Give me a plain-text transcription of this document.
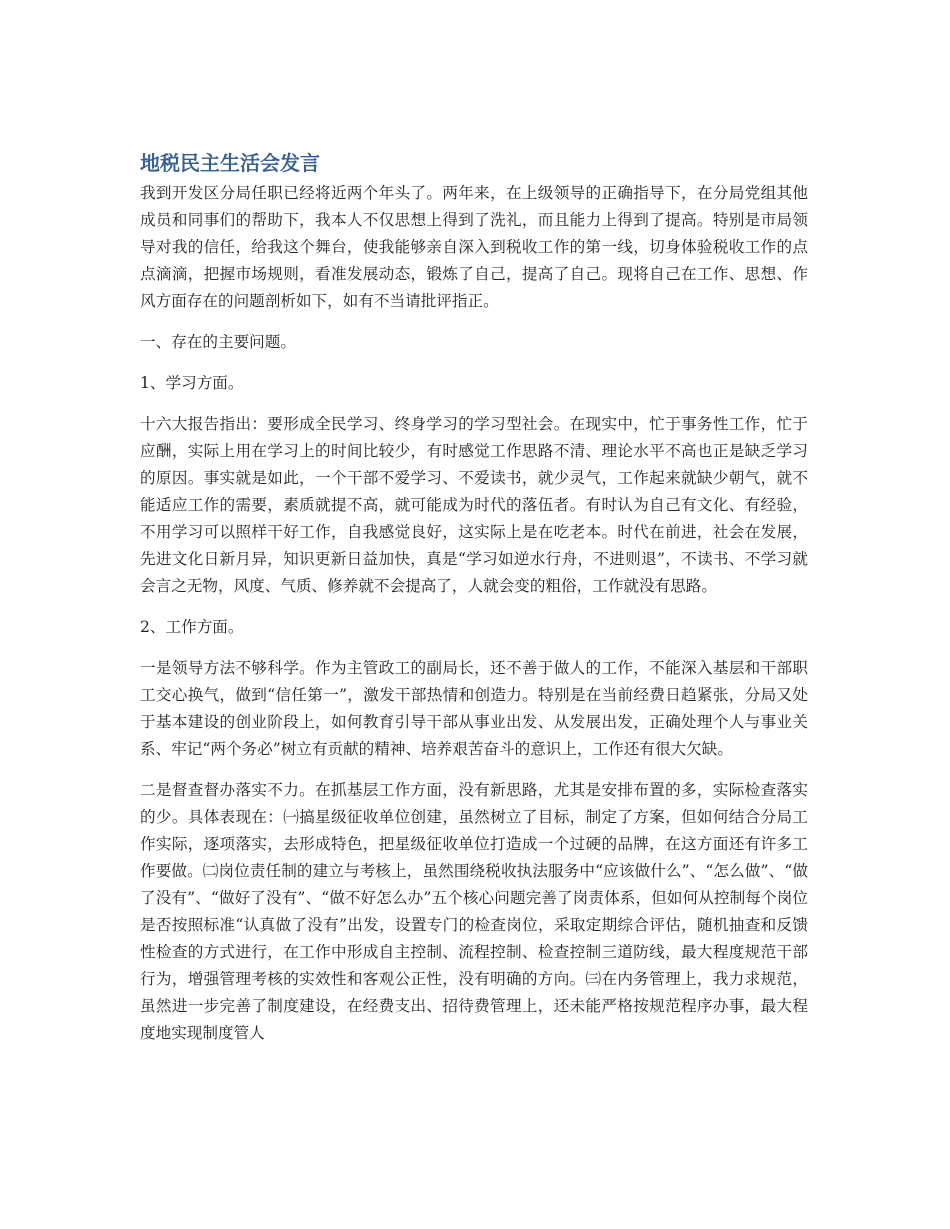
地税民主生活会发言

我到开发区分局任职已经将近两个年头了。两年来，在上级领导的正确指导下，在分局党组其他成员和同事们的帮助下，我本人不仅思想上得到了洗礼，而且能力上得到了提高。特别是市局领导对我的信任，给我这个舞台，使我能够亲自深入到税收工作的第一线，切身体验税收工作的点点滴滴，把握市场规则，看准发展动态，锻炼了自己，提高了自己。现将自己在工作、思想、作风方面存在的问题剖析如下，如有不当请批评指正。

一、存在的主要问题。

1、学习方面。

十六大报告指出：要形成全民学习、终身学习的学习型社会。在现实中，忙于事务性工作，忙于应酬，实际上用在学习上的时间比较少，有时感觉工作思路不清、理论水平不高也正是缺乏学习的原因。事实就是如此，一个干部不爱学习、不爱读书，就少灵气，工作起来就缺少朝气，就不能适应工作的需要，素质就提不高，就可能成为时代的落伍者。有时认为自己有文化、有经验，不用学习可以照样干好工作，自我感觉良好，这实际上是在吃老本。时代在前进，社会在发展，先进文化日新月异，知识更新日益加快，真是“学习如逆水行舟，不进则退”，不读书、不学习就会言之无物，风度、气质、修养就不会提高了，人就会变的粗俗，工作就没有思路。

2、工作方面。

一是领导方法不够科学。作为主管政工的副局长，还不善于做人的工作，不能深入基层和干部职工交心换气，做到“信任第一”，激发干部热情和创造力。特别是在当前经费日趋紧张，分局又处于基本建设的创业阶段上，如何教育引导干部从事业出发、从发展出发，正确处理个人与事业关系、牢记“两个务必”树立有贡献的精神、培养艰苦奋斗的意识上，工作还有很大欠缺。

二是督查督办落实不力。在抓基层工作方面，没有新思路，尤其是安排布置的多，实际检查落实的少。具体表现在：㈠搞星级征收单位创建，虽然树立了目标，制定了方案，但如何结合分局工作实际，逐项落实，去形成特色，把星级征收单位打造成一个过硬的品牌，在这方面还有许多工作要做。㈡岗位责任制的建立与考核上，虽然围绕税收执法服务中“应该做什么”、“怎么做”、“做了没有”、“做好了没有”、“做不好怎么办”五个核心问题完善了岗责体系，但如何从控制每个岗位是否按照标准“认真做了没有”出发，设置专门的检查岗位，采取定期综合评估，随机抽查和反馈性检查的方式进行，在工作中形成自主控制、流程控制、检查控制三道防线，最大程度规范干部行为，增强管理考核的实效性和客观公正性，没有明确的方向。㈢在内务管理上，我力求规范，虽然进一步完善了制度建设，在经费支出、招待费管理上，还未能严格按规范程序办事，最大程度地实现制度管人
